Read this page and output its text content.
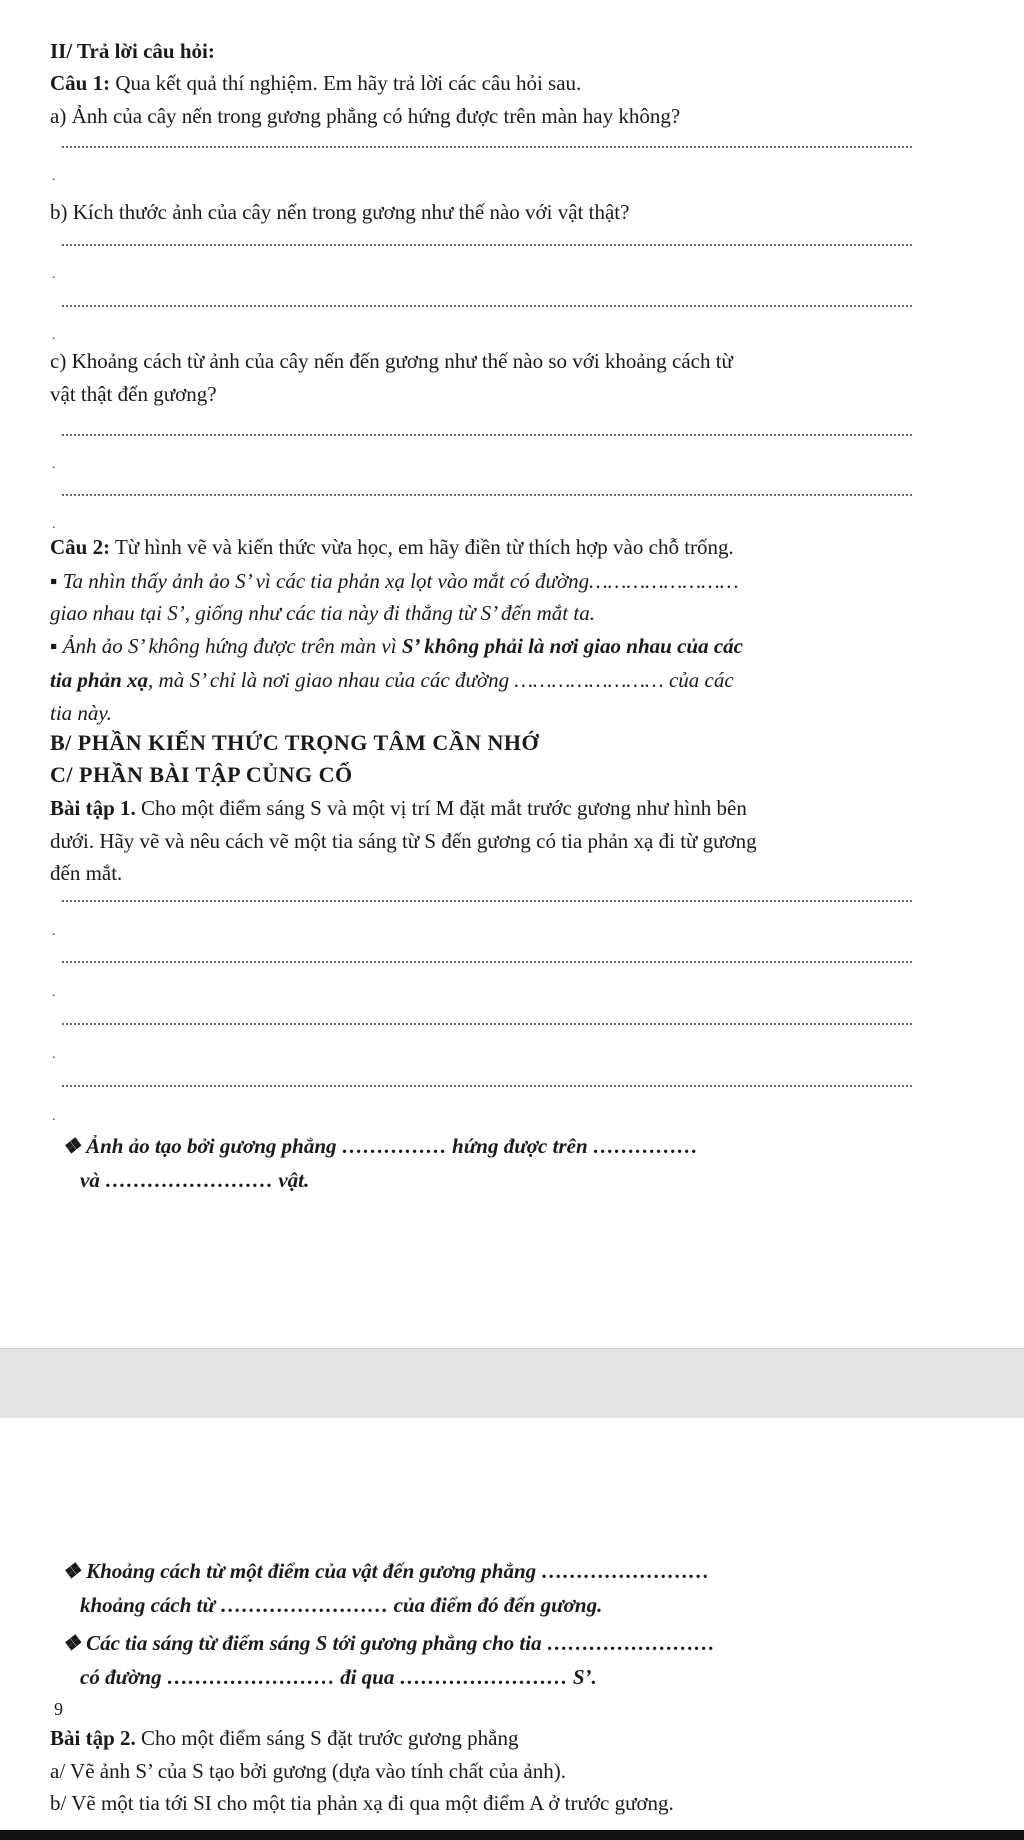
II/ Trả lời câu hỏi:
Câu 1: Qua kết quả thí nghiệm. Em hãy trả lời các câu hỏi sau.
a) Ảnh của cây nến trong gương phẳng có hứng được trên màn hay không?
.
b) Kích thước ảnh của cây nến trong gương như thế nào với vật thật?
.
.
c) Khoảng cách từ ảnh của cây nến đến gương như thế nào so với khoảng cách từ
vật thật đến gương?
.
.
Câu 2: Từ hình vẽ và kiến thức vừa học, em hãy điền từ thích hợp vào chỗ trống.
▪ Ta nhìn thấy ảnh ảo S’ vì các tia phản xạ lọt vào mắt có đường……………………
giao nhau tại S’, giống như các tia này đi thẳng từ S’ đến mắt ta.
▪ Ảnh ảo S’ không hứng được trên màn vì S’ không phải là nơi giao nhau của các
tia phản xạ, mà S’ chỉ là nơi giao nhau của các đường …………………… của các
tia này.
B/ PHẦN KIẾN THỨC TRỌNG TÂM CẦN NHỚ
C/ PHẦN BÀI TẬP CỦNG CỐ
Bài tập 1. Cho một điểm sáng S và một vị trí M đặt mắt trước gương như hình bên
dưới. Hãy vẽ và nêu cách vẽ một tia sáng từ S đến gương có tia phản xạ đi từ gương
đến mắt.
.
.
.
.
❖ Ảnh ảo tạo bởi gương phẳng …………… hứng được trên ……………
và …………………… vật.
❖ Khoảng cách từ một điểm của vật đến gương phẳng ……………………
khoảng cách từ …………………… của điểm đó đến gương.
❖ Các tia sáng từ điểm sáng S tới gương phẳng cho tia ……………………
có đường …………………… đi qua …………………… S’.
9
Bài tập 2. Cho một điểm sáng S đặt trước gương phẳng
a/ Vẽ ảnh S’ của S tạo bởi gương (dựa vào tính chất của ảnh).
b/ Vẽ một tia tới SI cho một tia phản xạ đi qua một điểm A ở trước gương.
